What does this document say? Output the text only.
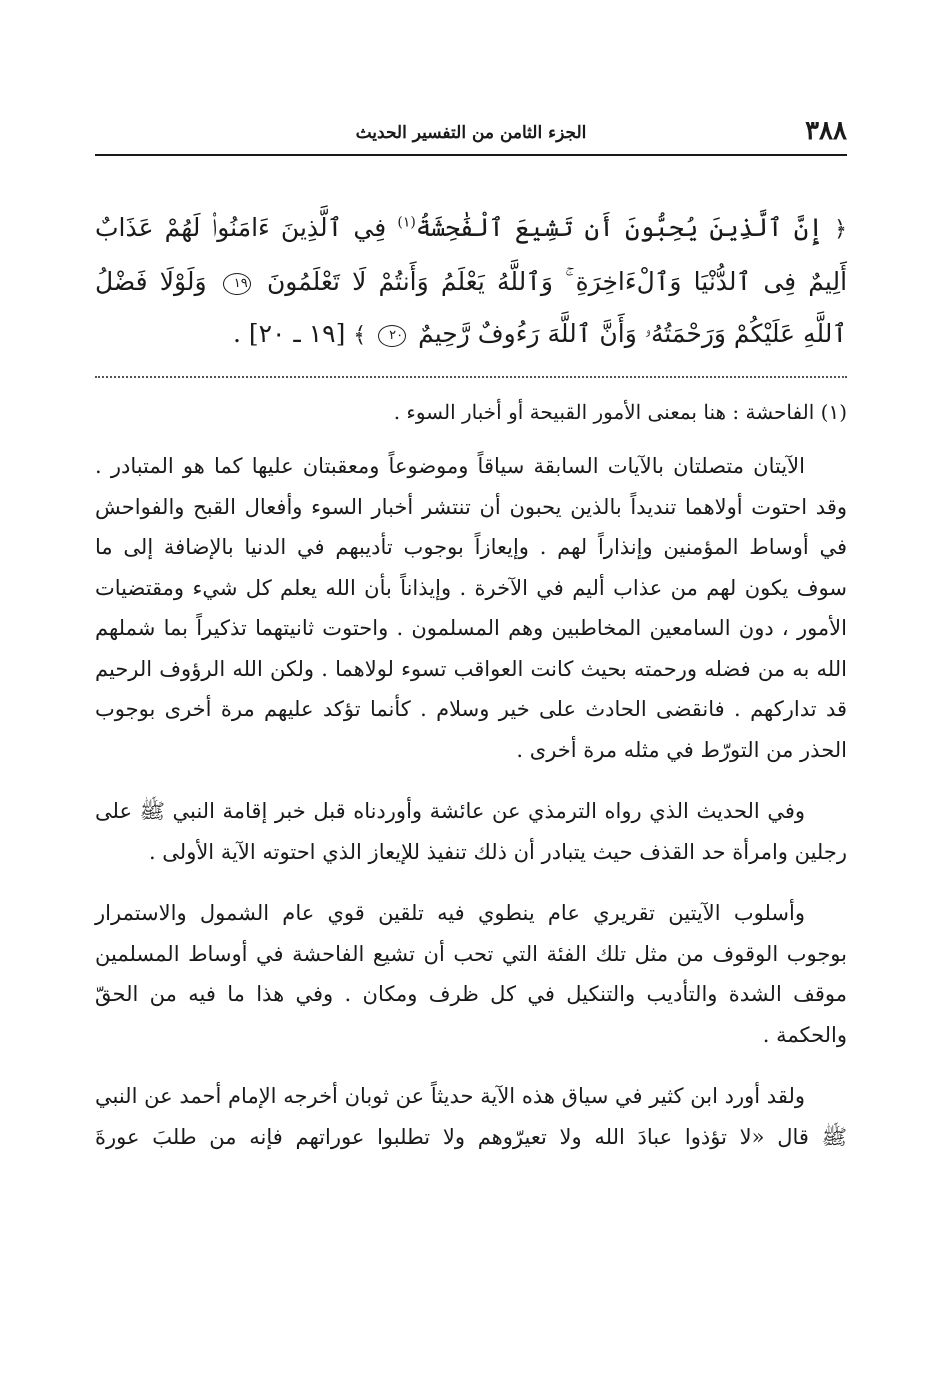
٣٨٨
الجزء الثامن من التفسير الحديث
﴿ إِنَّ ٱلَّذِينَ يُحِبُّونَ أَن تَشِيعَ ٱلْفَٰحِشَةُ$^{(١)}$ فِي ٱلَّذِينَ ءَامَنُوا۟ لَهُمْ عَذَابٌ أَلِيمٌ فِى ٱلدُّنْيَا وَٱلْءَاخِرَةِ ۚ وَٱللَّهُ يَعْلَمُ وَأَنتُمْ لَا تَعْلَمُونَ ١٩ وَلَوْلَا فَضْلُ ٱللَّهِ عَلَيْكُمْ وَرَحْمَتُهُۥ وَأَنَّ ٱللَّهَ رَءُوفٌ رَّحِيمٌ ٢٠ ﴾ [١٩ ـ ٢٠] .
(١) الفاحشة : هنا بمعنى الأمور القبيحة أو أخبار السوء .

الآيتان متصلتان بالآيات السابقة سياقاً وموضوعاً ومعقبتان عليها كما هو المتبادر . وقد احتوت أولاهما تنديداً بالذين يحبون أن تنتشر أخبار السوء وأفعال القبح والفواحش في أوساط المؤمنين وإنذاراً لهم . وإيعازاً بوجوب تأديبهم في الدنيا بالإضافة إلى ما سوف يكون لهم من عذاب أليم في الآخرة . وإيذاناً بأن الله يعلم كل شيء ومقتضيات الأمور ، دون السامعين المخاطبين وهم المسلمون . واحتوت ثانيتهما تذكيراً بما شملهم الله به من فضله ورحمته بحيث كانت العواقب تسوء لولاهما . ولكن الله الرؤوف الرحيم قد تداركهم . فانقضى الحادث على خير وسلام . كأنما تؤكد عليهم مرة أخرى بوجوب الحذر من التورّط في مثله مرة أخرى .

وفي الحديث الذي رواه الترمذي عن عائشة وأوردناه قبل خبر إقامة النبي ﷺ على رجلين وامرأة حد القذف حيث يتبادر أن ذلك تنفيذ للإيعاز الذي احتوته الآية الأولى .

وأسلوب الآيتين تقريري عام ينطوي فيه تلقين قوي عام الشمول والاستمرار بوجوب الوقوف من مثل تلك الفئة التي تحب أن تشيع الفاحشة في أوساط المسلمين موقف الشدة والتأديب والتنكيل في كل ظرف ومكان . وفي هذا ما فيه من الحقّ والحكمة .

ولقد أورد ابن كثير في سياق هذه الآية حديثاً عن ثوبان أخرجه الإمام أحمد عن النبي ﷺ قال «لا تؤذوا عبادَ الله ولا تعيرّوهم ولا تطلبوا عوراتهم فإنه من طلبَ عورةَ
